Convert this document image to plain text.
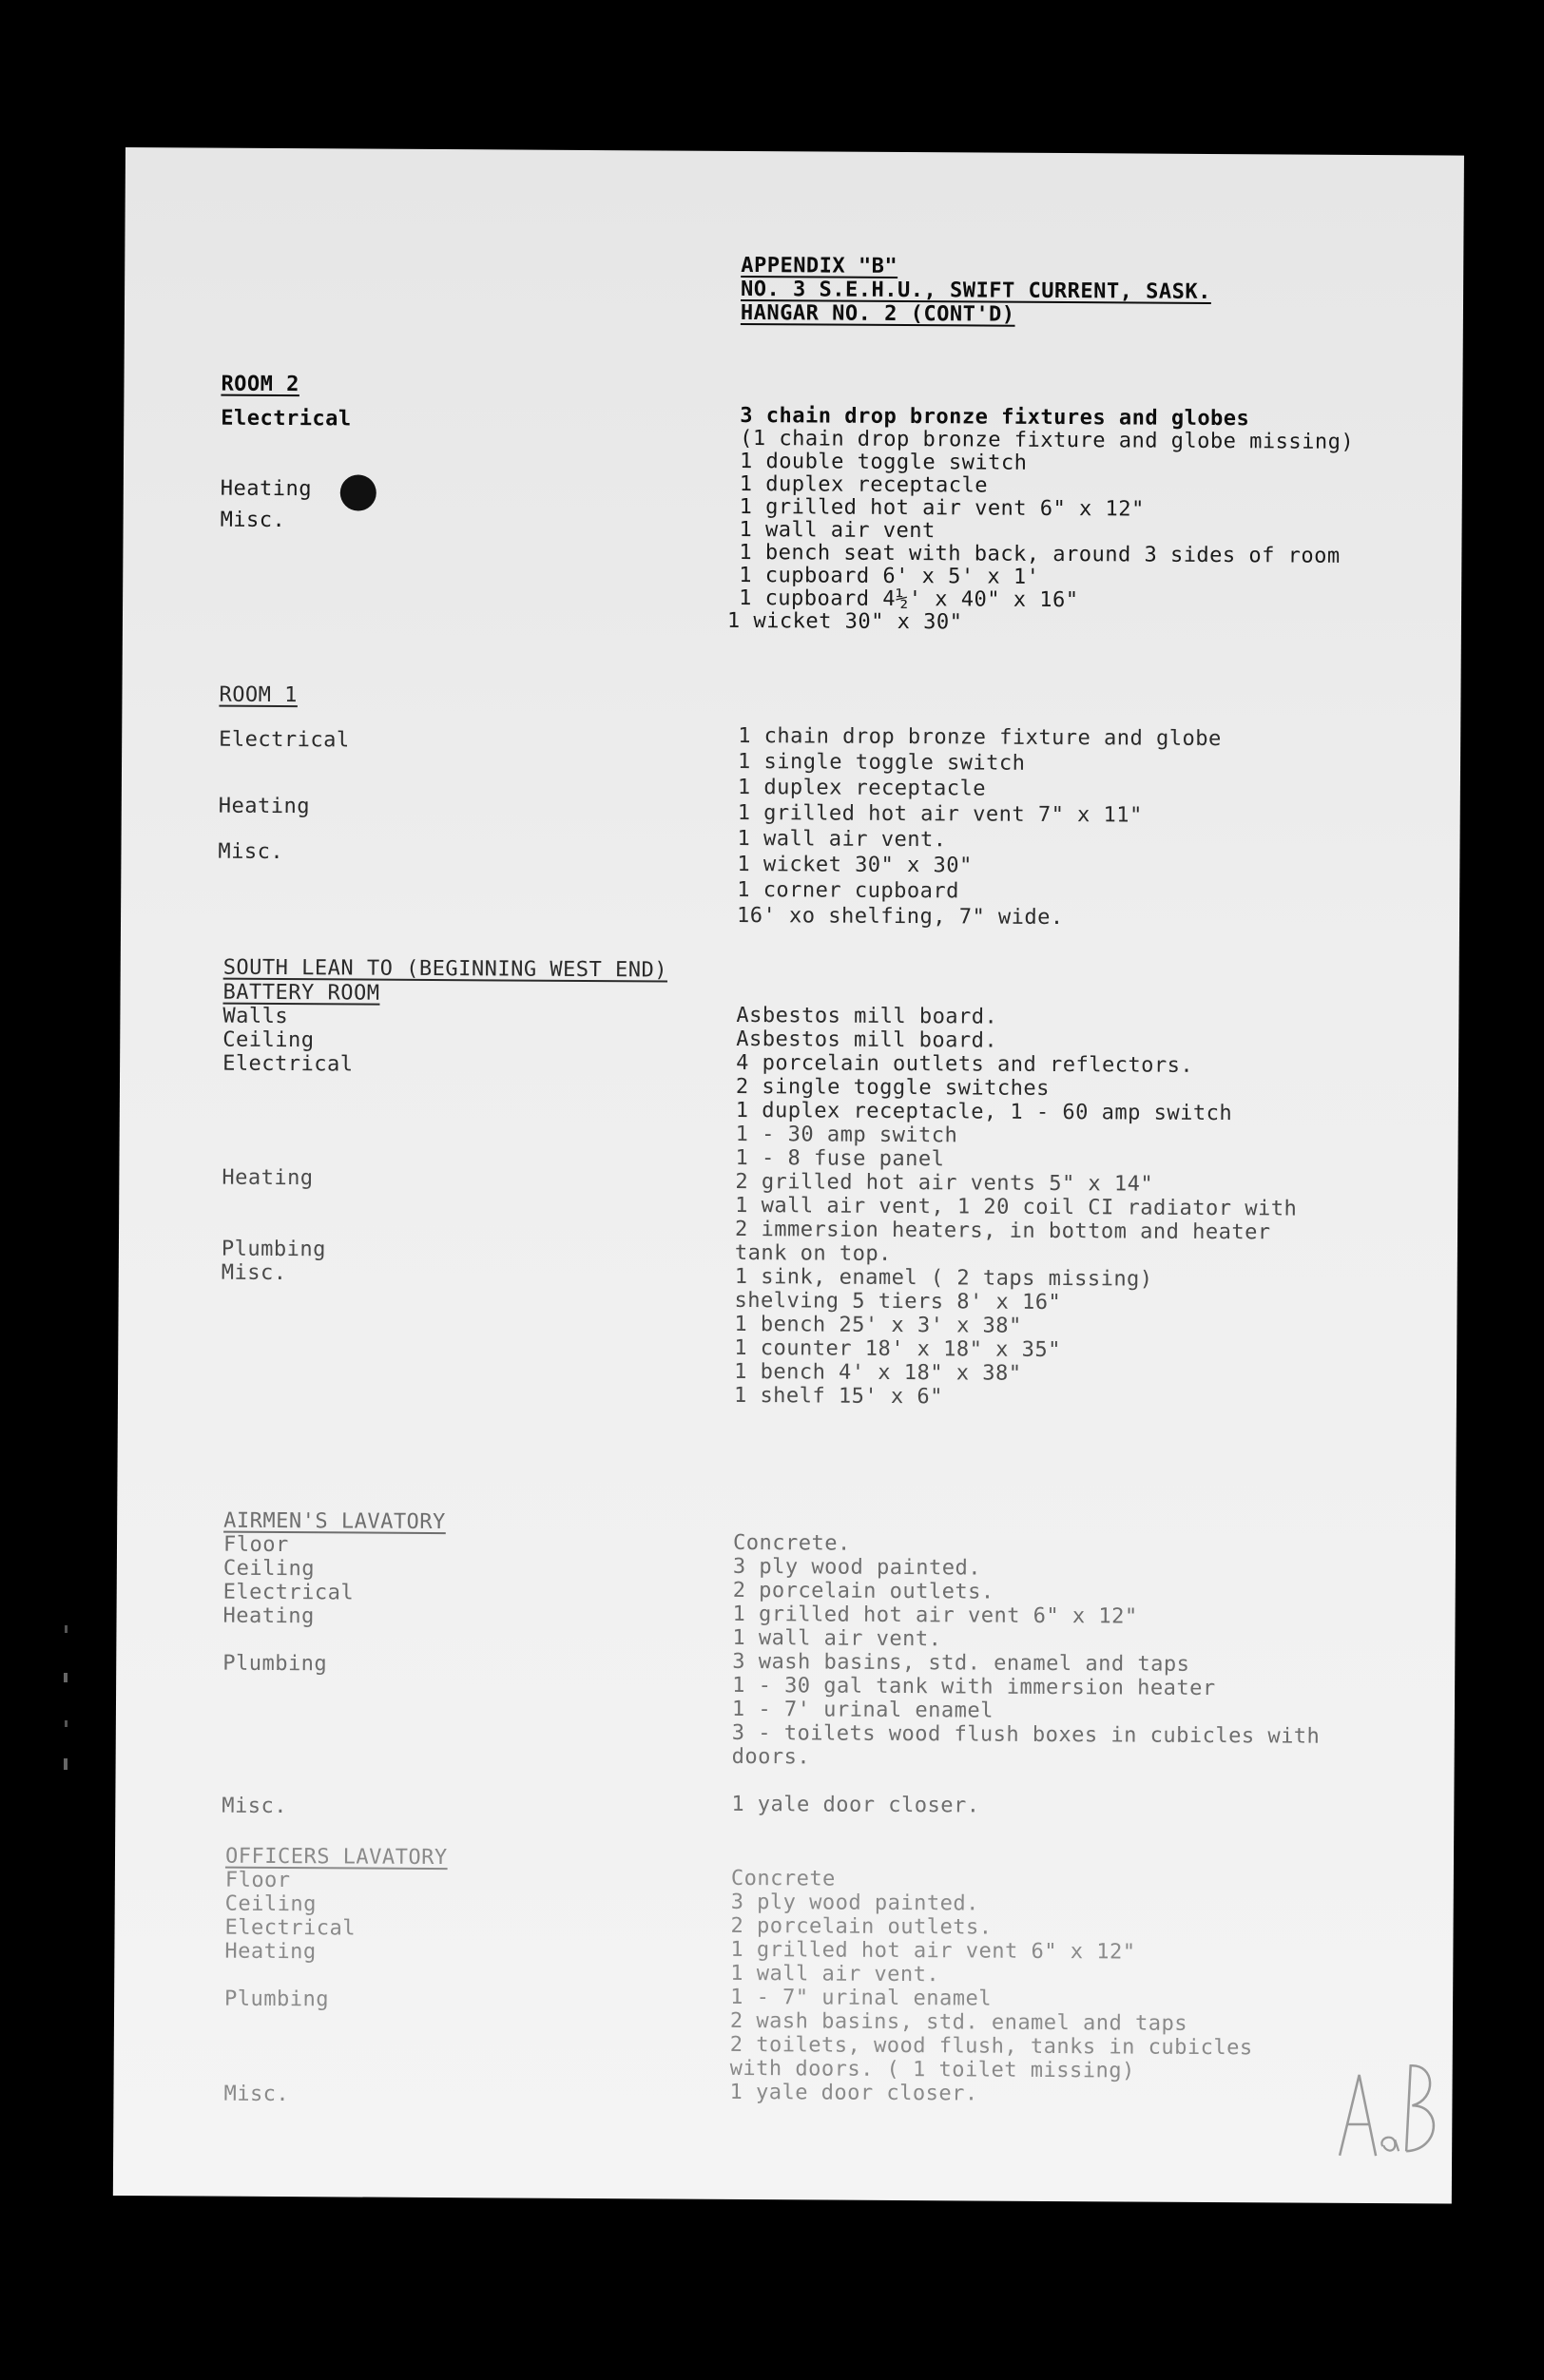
APPENDIX "B"
NO. 3 S.E.H.U., SWIFT CURRENT, SASK.
HANGAR NO. 2 (CONT'D)
ROOM 2
Electrical
Heating
Misc.
3 chain drop bronze fixtures and globes
(1 chain drop bronze fixture and globe missing)
1 double toggle switch
1 duplex receptacle
1 grilled hot air vent 6" x 12"
1 wall air vent
1 bench seat with back, around 3 sides of room
1 cupboard 6' x 5' x 1'
1 cupboard 4½' x 40" x 16"
1 wicket 30" x 30"
ROOM 1
Electrical
Heating
Misc.
1 chain drop bronze fixture and globe
1 single toggle switch
1 duplex receptacle
1 grilled hot air vent 7" x 11"
1 wall air vent.
1 wicket 30" x 30"
1 corner cupboard
16' xo shelfing, 7" wide.
SOUTH LEAN TO (BEGINNING WEST END)
BATTERY ROOM
Walls
Ceiling
Electrical
Heating
Plumbing
Misc.
Asbestos mill board.
Asbestos mill board.
4 porcelain outlets and reflectors.
2 single toggle switches
1 duplex receptacle, 1 - 60 amp switch
1 - 30 amp switch
1 - 8 fuse panel
2 grilled hot air vents 5" x 14"
1 wall air vent, 1 20 coil CI radiator with
2 immersion heaters, in bottom and heater
tank on top.
1 sink, enamel ( 2 taps missing)
shelving 5 tiers 8' x 16"
1 bench 25' x 3' x 38"
1 counter 18' x 18" x 35"
1 bench 4' x 18" x 38"
1 shelf 15' x 6"
AIRMEN'S LAVATORY
Floor
Ceiling
Electrical
Heating
Plumbing
Misc.
Concrete.
3 ply wood painted.
2 porcelain outlets.
1 grilled hot air vent 6" x 12"
1 wall air vent.
3 wash basins, std. enamel and taps
1 - 30 gal tank with immersion heater
1 - 7' urinal enamel
3 - toilets wood flush boxes in cubicles with
doors.
1 yale door closer.
OFFICERS LAVATORY
Floor
Ceiling
Electrical
Heating
Plumbing
Misc.
Concrete
3 ply wood painted.
2 porcelain outlets.
1 grilled hot air vent 6" x 12"
1 wall air vent.
1 - 7" urinal enamel
2 wash basins, std. enamel and taps
2 toilets, wood flush, tanks in cubicles
with doors. ( 1 toilet missing)
1 yale door closer.
